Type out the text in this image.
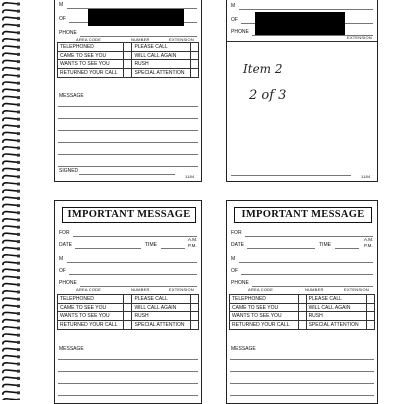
M
OF
PHONE
AREA CODE	NUMBER	EXTENSION
TELEPHONED		PLEASE CALL	
CAME TO SEE YOU		WILL CALL AGAIN	
WANTS TO SEE YOU		RUSH	
RETURNED YOUR CALL		SPECIAL ATTENTION	
MESSAGE
SIGNED
1184
M
OF
PHONE
EXTENSION
Item 2
2 of 3
1184
IMPORTANT MESSAGE
FOR
DATE	TIME
A.M.
P.M.
M
OF
PHONE
AREA CODE	NUMBER	EXTENSION
TELEPHONED		PLEASE CALL	
CAME TO SEE YOU		WILL CALL AGAIN	
WANTS TO SEE YOU		RUSH	
RETURNED YOUR CALL		SPECIAL ATTENTION	
MESSAGE
IMPORTANT MESSAGE
FOR
DATE	TIME
A.M.
P.M.
M
OF
PHONE
AREA CODE	NUMBER	EXTENSION
TELEPHONED		PLEASE CALL	
CAME TO SEE YOU		WILL CALL AGAIN	
WANTS TO SEE YOU		RUSH	
RETURNED YOUR CALL		SPECIAL ATTENTION	
MESSAGE
